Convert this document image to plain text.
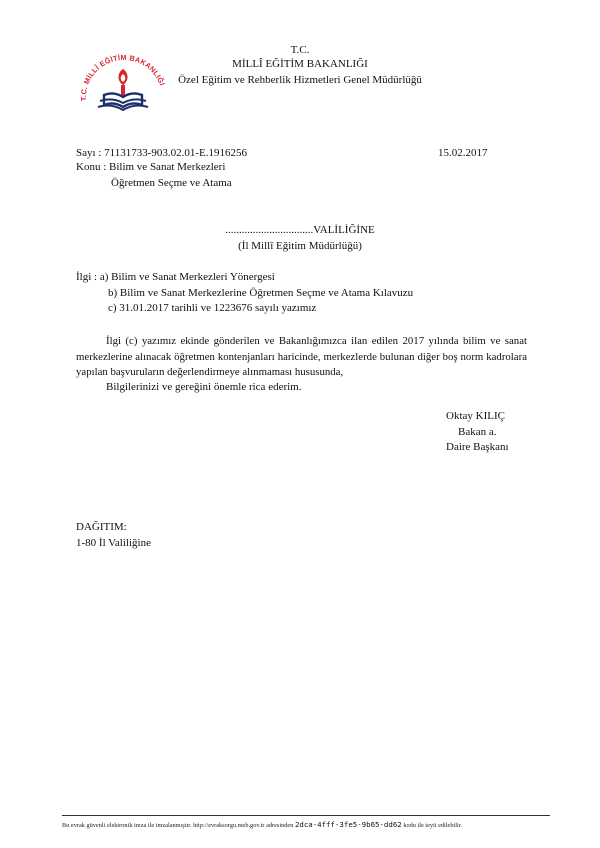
T.C. MİLLÎ EĞİTİM BAKANLIĞI
T.C.
MİLLÎ EĞİTİM BAKANLIĞI
Özel Eğitim ve Rehberlik Hizmetleri Genel Müdürlüğü
Sayı : 71131733-903.02.01-E.1916256	15.02.2017
Konu : Bilim ve Sanat Merkezleri
Öğretmen Seçme ve Atama
................................VALİLİĞİNE
(İl Millî Eğitim Müdürlüğü)
İlgi : a) Bilim ve Sanat Merkezleri Yönergesi
b) Bilim ve Sanat Merkezlerine Öğretmen Seçme ve Atama Kılavuzu
c) 31.01.2017 tarihli ve 1223676 sayılı yazımız
İlgi (c) yazımız ekinde gönderilen ve Bakanlığımızca ilan edilen 2017 yılında bilim ve sanat merkezlerine alınacak öğretmen kontenjanları haricinde, merkezlerde bulunan diğer boş norm kadrolara yapılan başvuruların değerlendirmeye alınmaması hususunda,
Bilgilerinizi ve gereğini önemle rica ederim.
Oktay KILIÇ
Bakan a.
Daire Başkanı
DAĞITIM:
1-80 İl Valiliğine
Bu evrak güvenli elektronik imza ile imzalanmıştır. http://evraksorgu.meb.gov.tr adresinden 2dca-4fff-3fe5-9b65-dd62 kodu ile teyit edilebilir.
